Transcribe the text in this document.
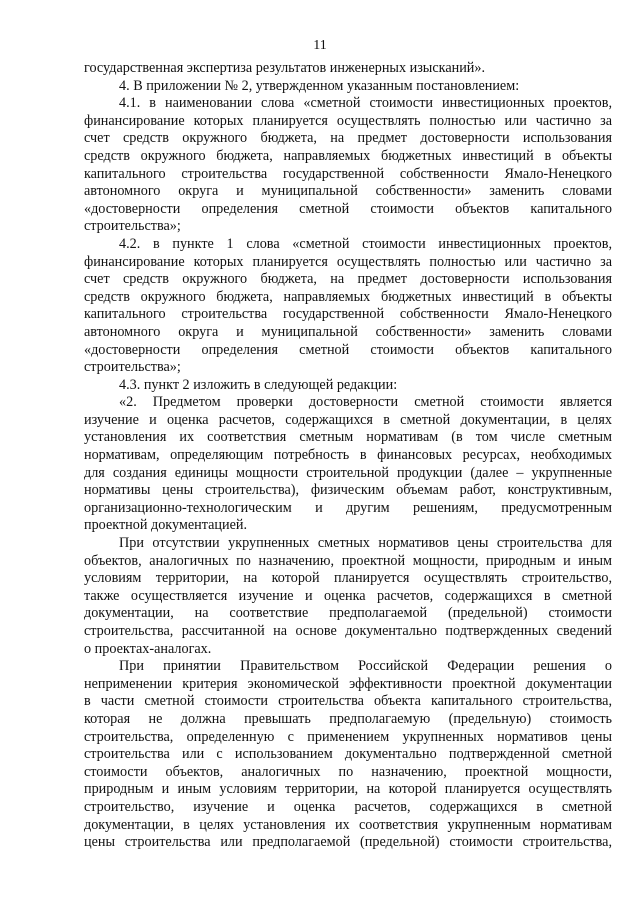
11
государственная экспертиза результатов инженерных изысканий».
4. В приложении № 2, утвержденном указанным постановлением:
4.1. в наименовании слова «сметной стоимости инвестиционных проектов,
финансирование которых планируется осуществлять полностью или частично за
счет средств окружного бюджета, на предмет достоверности использования
средств окружного бюджета, направляемых бюджетных инвестиций в объекты
капитального строительства государственной собственности Ямало-Ненецкого
автономного округа и муниципальной собственности» заменить словами
«достоверности определения сметной стоимости объектов капитального
строительства»;
4.2. в пункте 1 слова «сметной стоимости инвестиционных проектов,
финансирование которых планируется осуществлять полностью или частично за
счет средств окружного бюджета, на предмет достоверности использования
средств окружного бюджета, направляемых бюджетных инвестиций в объекты
капитального строительства государственной собственности Ямало-Ненецкого
автономного округа и муниципальной собственности» заменить словами
«достоверности определения сметной стоимости объектов капитального
строительства»;
4.3. пункт 2 изложить в следующей редакции:
«2. Предметом проверки достоверности сметной стоимости является
изучение и оценка расчетов, содержащихся в сметной документации, в целях
установления их соответствия сметным нормативам (в том числе сметным
нормативам, определяющим потребность в финансовых ресурсах, необходимых
для создания единицы мощности строительной продукции (далее – укрупненные
нормативы цены строительства), физическим объемам работ, конструктивным,
организационно-технологическим и другим решениям, предусмотренным
проектной документацией.
При отсутствии укрупненных сметных нормативов цены строительства для
объектов, аналогичных по назначению, проектной мощности, природным и иным
условиям территории, на которой планируется осуществлять строительство,
также осуществляется изучение и оценка расчетов, содержащихся в сметной
документации, на соответствие предполагаемой (предельной) стоимости
строительства, рассчитанной на основе документально подтвержденных сведений
о проектах-аналогах.
При принятии Правительством Российской Федерации решения о
неприменении критерия экономической эффективности проектной документации
в части сметной стоимости строительства объекта капитального строительства,
которая не должна превышать предполагаемую (предельную) стоимость
строительства, определенную с применением укрупненных нормативов цены
строительства или с использованием документально подтвержденной сметной
стоимости объектов, аналогичных по назначению, проектной мощности,
природным и иным условиям территории, на которой планируется осуществлять
строительство, изучение и оценка расчетов, содержащихся в сметной
документации, в целях установления их соответствия укрупненным нормативам
цены строительства или предполагаемой (предельной) стоимости строительства,
